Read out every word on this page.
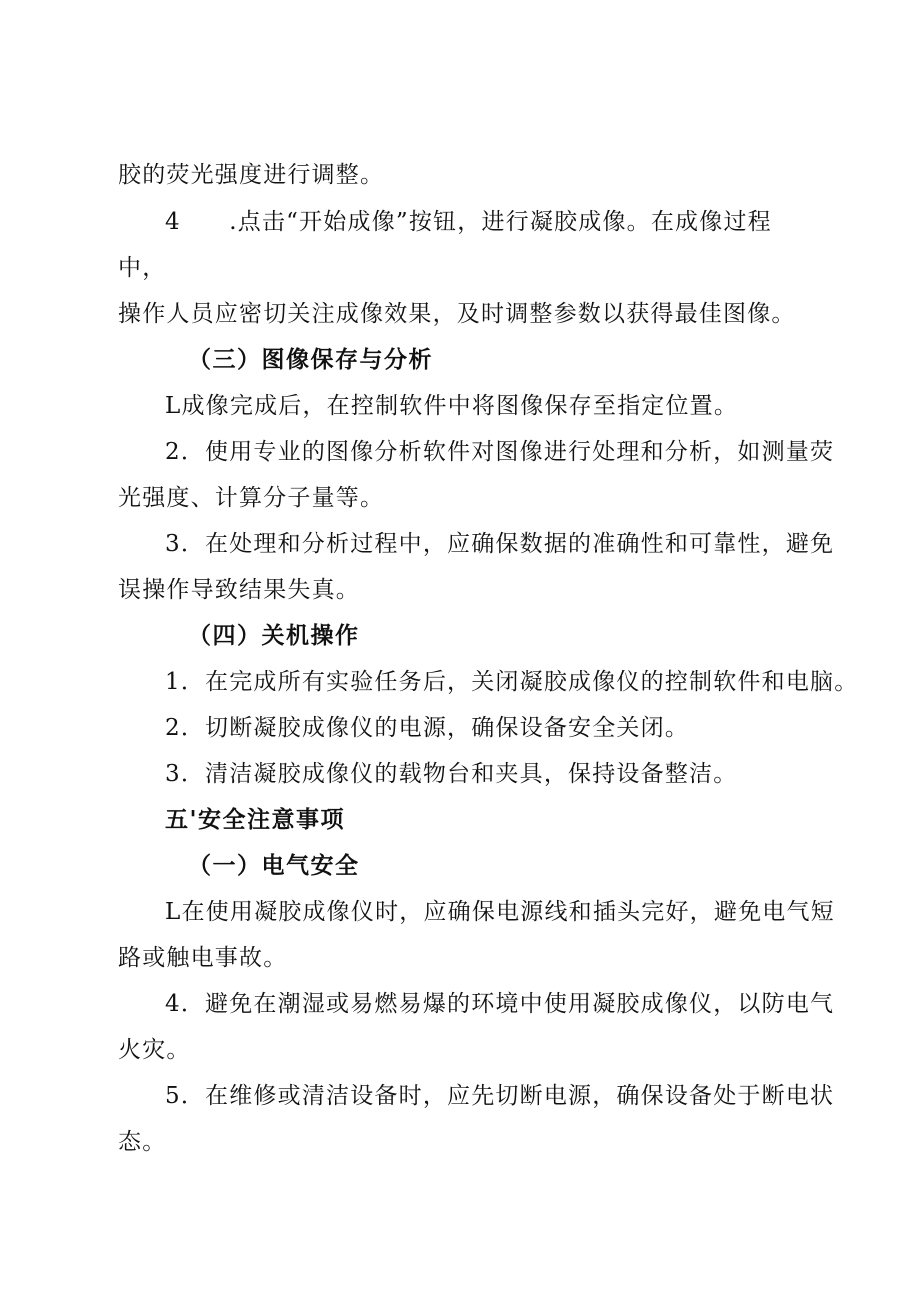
胶的荧光强度进行调整。
4　　.点击“开始成像”按钮，进行凝胶成像。在成像过程
中，
操作人员应密切关注成像效果，及时调整参数以获得最佳图像。
（三）图像保存与分析
L成像完成后，在控制软件中将图像保存至指定位置。
2．使用专业的图像分析软件对图像进行处理和分析，如测量荧
光强度、计算分子量等。
3．在处理和分析过程中，应确保数据的准确性和可靠性，避免
误操作导致结果失真。
（四）关机操作
1．在完成所有实验任务后，关闭凝胶成像仪的控制软件和电脑。
2．切断凝胶成像仪的电源，确保设备安全关闭。
3．清洁凝胶成像仪的载物台和夹具，保持设备整洁。
五'安全注意事项
（一）电气安全
L在使用凝胶成像仪时，应确保电源线和插头完好，避免电气短
路或触电事故。
4．避免在潮湿或易燃易爆的环境中使用凝胶成像仪，以防电气
火灾。
5．在维修或清洁设备时，应先切断电源，确保设备处于断电状
态。
